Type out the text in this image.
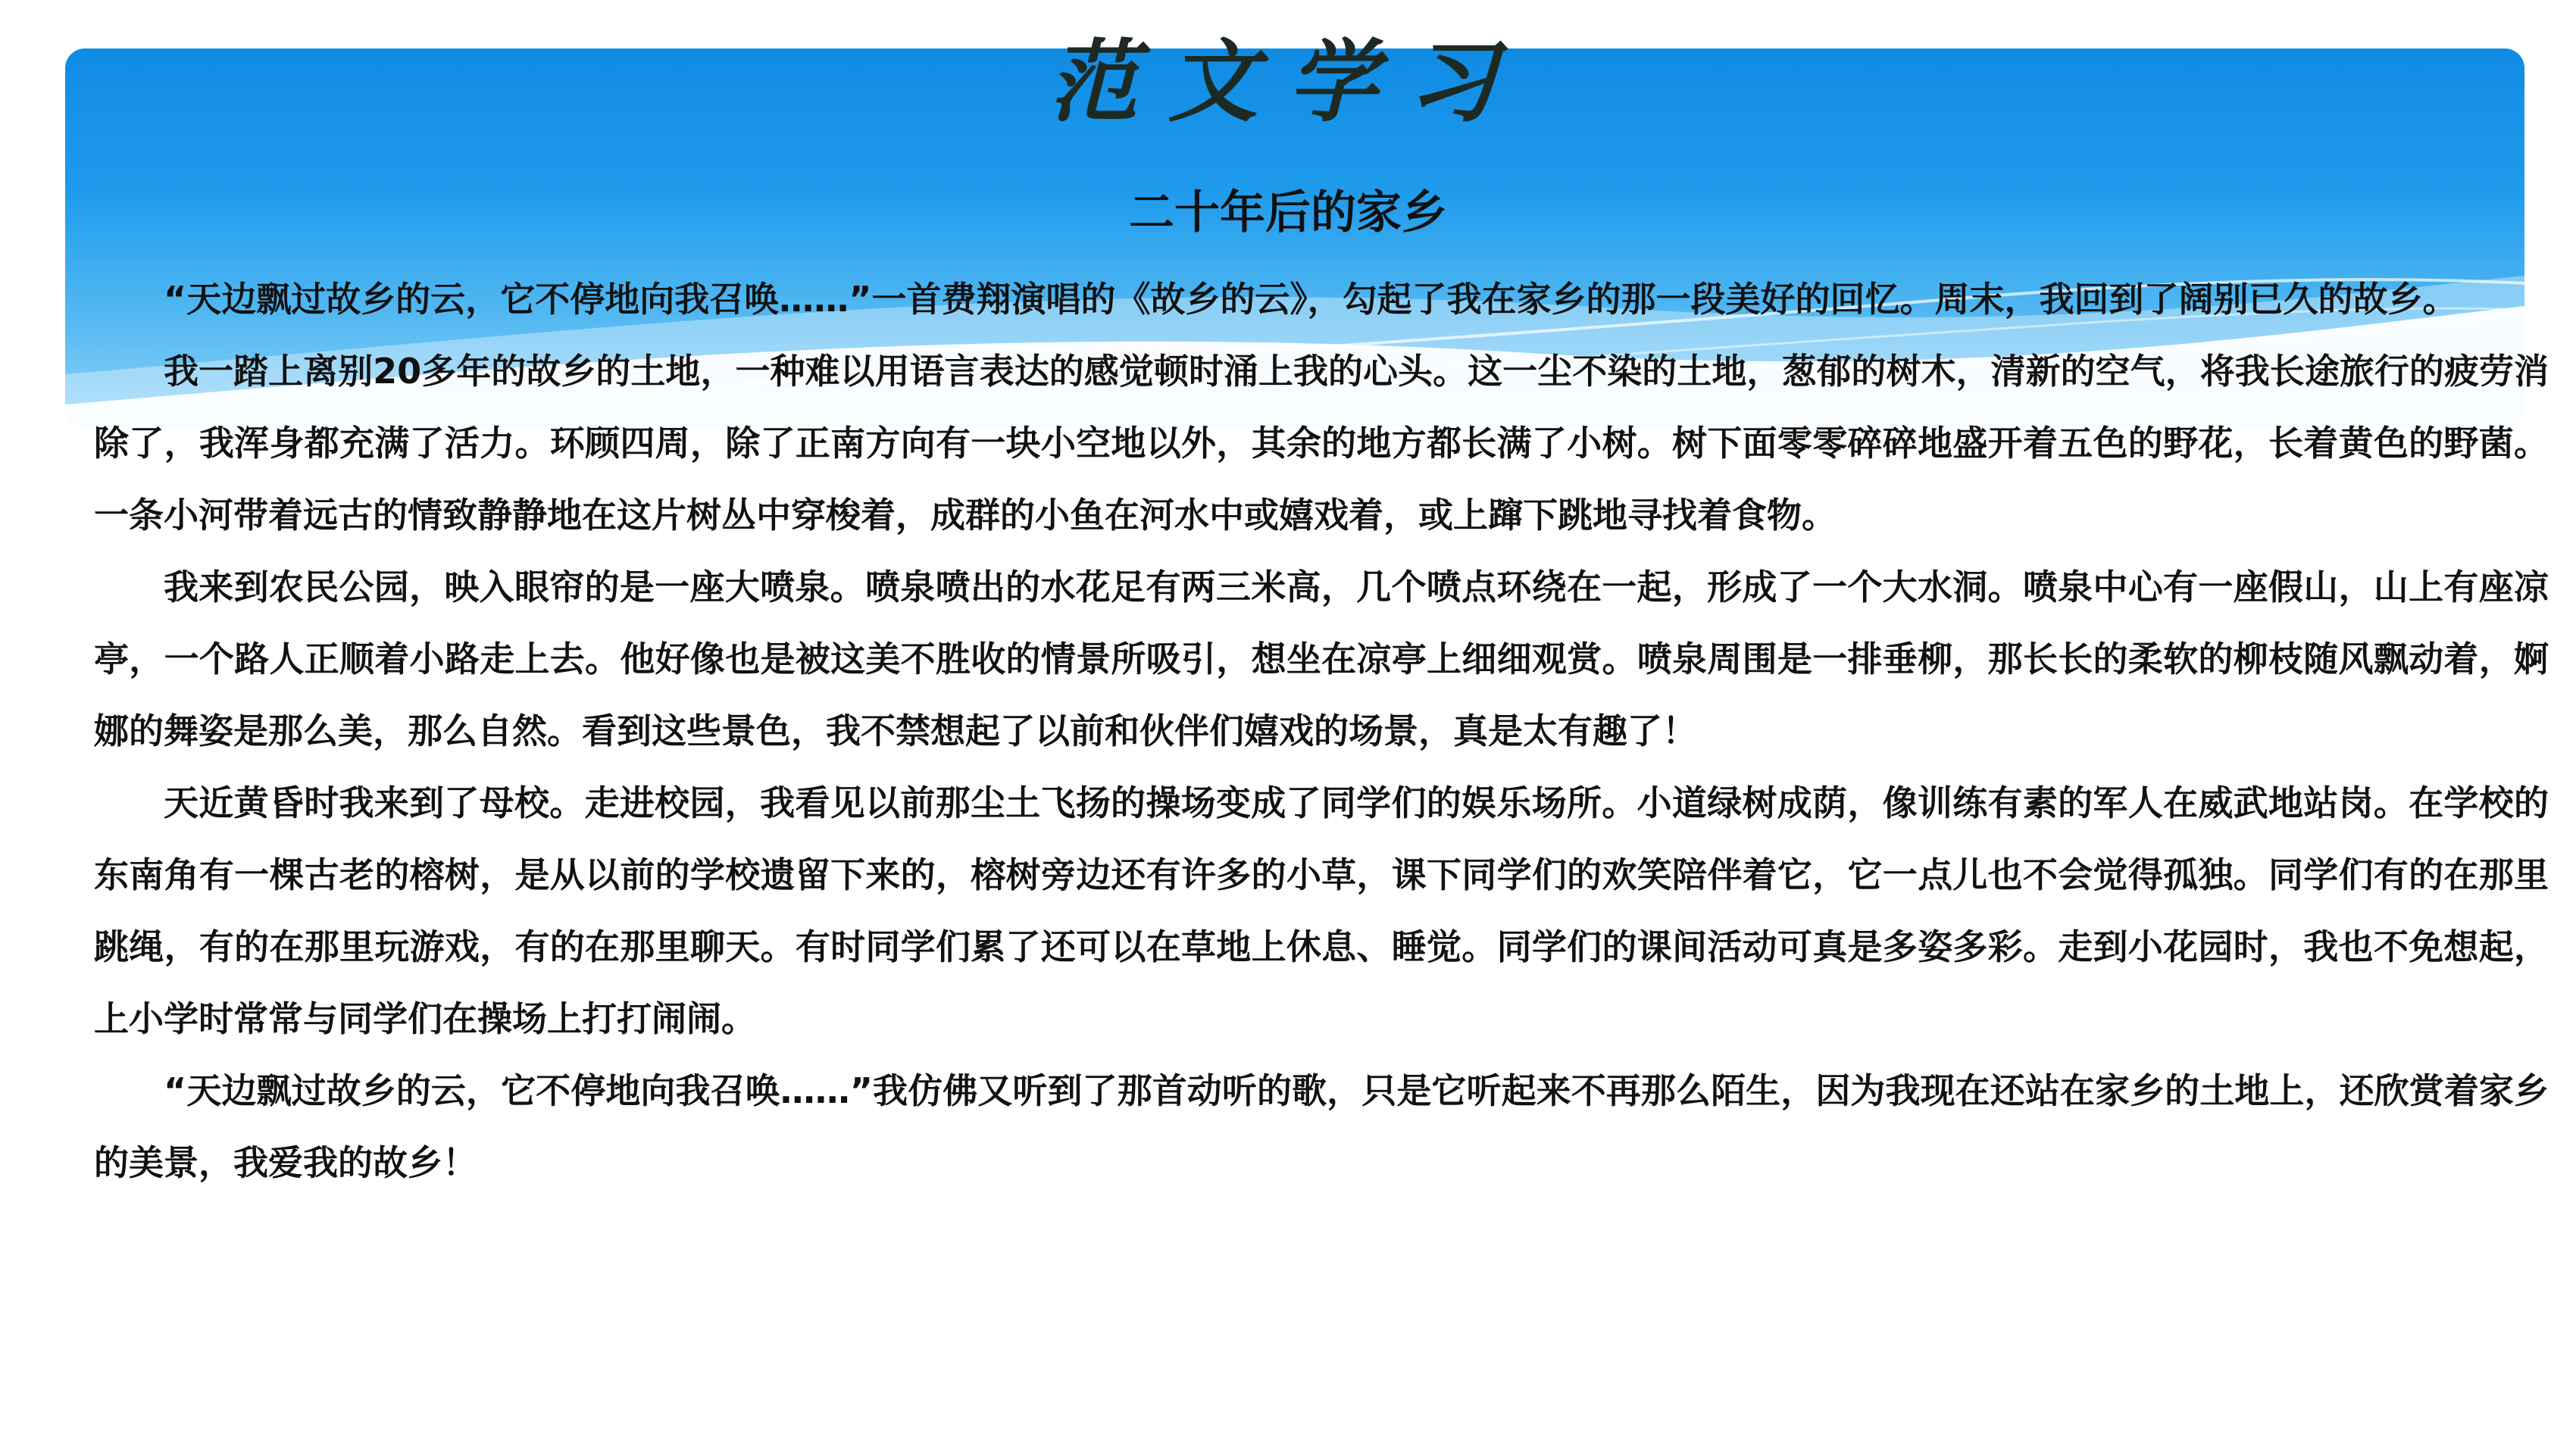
范文学习
二十年后的家乡

“天边飘过故乡的云，它不停地向我召唤……”一首费翔演唱的《故乡的云》，勾起了我在家乡的那一段美好的回忆。周末，我回到了阔别已久的故乡。

我一踏上离别20多年的故乡的土地，一种难以用语言表达的感觉顿时涌上我的心头。这一尘不染的土地，葱郁的树木，清新的空气，将我长途旅行的疲劳消除了，我浑身都充满了活力。环顾四周，除了正南方向有一块小空地以外，其余的地方都长满了小树。树下面零零碎碎地盛开着五色的野花，长着黄色的野菌。一条小河带着远古的情致静静地在这片树丛中穿梭着，成群的小鱼在河水中或嬉戏着，或上蹿下跳地寻找着食物。

我来到农民公园，映入眼帘的是一座大喷泉。喷泉喷出的水花足有两三米高，几个喷点环绕在一起，形成了一个大水洞。喷泉中心有一座假山，山上有座凉亭，一个路人正顺着小路走上去。他好像也是被这美不胜收的情景所吸引，想坐在凉亭上细细观赏。喷泉周围是一排垂柳，那长长的柔软的柳枝随风飘动着，婀娜的舞姿是那么美，那么自然。看到这些景色，我不禁想起了以前和伙伴们嬉戏的场景，真是太有趣了！

天近黄昏时我来到了母校。走进校园，我看见以前那尘土飞扬的操场变成了同学们的娱乐场所。小道绿树成荫，像训练有素的军人在威武地站岗。在学校的东南角有一棵古老的榕树，是从以前的学校遗留下来的，榕树旁边还有许多的小草，课下同学们的欢笑陪伴着它，它一点儿也不会觉得孤独。同学们有的在那里跳绳，有的在那里玩游戏，有的在那里聊天。有时同学们累了还可以在草地上休息、睡觉。同学们的课间活动可真是多姿多彩。走到小花园时，我也不免想起，上小学时常常与同学们在操场上打打闹闹。

“天边飘过故乡的云，它不停地向我召唤……”我仿佛又听到了那首动听的歌，只是它听起来不再那么陌生，因为我现在还站在家乡的土地上，还欣赏着家乡的美景，我爱我的故乡！
